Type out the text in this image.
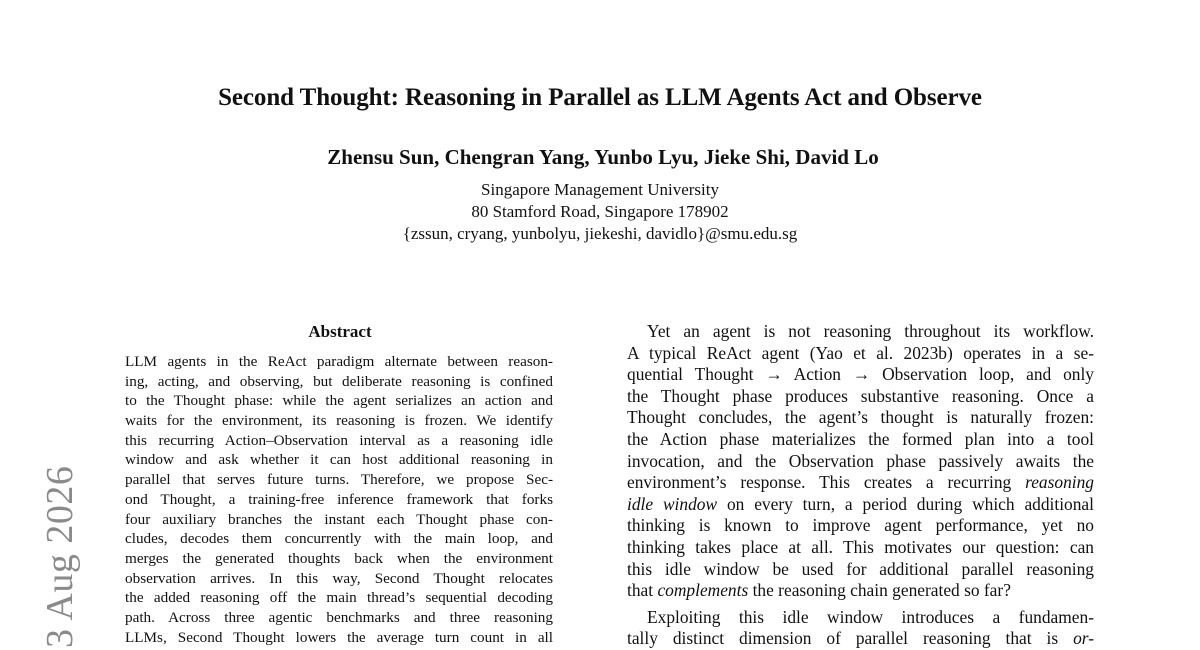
Second Thought: Reasoning in Parallel as LLM Agents Act and Observe
Zhensu Sun, Chengran Yang, Yunbo Lyu, Jieke Shi, David Lo
Singapore Management University
80 Stamford Road, Singapore 178902
{zssun, cryang, yunbolyu, jiekeshi, davidlo}@smu.edu.sg
Abstract
LLM agents in the ReAct paradigm alternate between reason-
ing, acting, and observing, but deliberate reasoning is confined
to the Thought phase: while the agent serializes an action and
waits for the environment, its reasoning is frozen. We identify
this recurring Action–Observation interval as a reasoning idle
window and ask whether it can host additional reasoning in
parallel that serves future turns. Therefore, we propose Sec-
ond Thought, a training-free inference framework that forks
four auxiliary branches the instant each Thought phase con-
cludes, decodes them concurrently with the main loop, and
merges the generated thoughts back when the environment
observation arrives. In this way, Second Thought relocates
the added reasoning off the main thread’s sequential decoding
path. Across three agentic benchmarks and three reasoning
LLMs, Second Thought lowers the average turn count in all
Yet an agent is not reasoning throughout its workflow.
A typical ReAct agent (Yao et al. 2023b) operates in a se-
quential Thought → Action → Observation loop, and only
the Thought phase produces substantive reasoning. Once a
Thought concludes, the agent’s thought is naturally frozen:
the Action phase materializes the formed plan into a tool
invocation, and the Observation phase passively awaits the
environment’s response. This creates a recurring reasoning
idle window on every turn, a period during which additional
thinking is known to improve agent performance, yet no
thinking takes place at all. This motivates our question: can
this idle window be used for additional parallel reasoning
that complements the reasoning chain generated so far?
Exploiting this idle window introduces a fundamen-
tally distinct dimension of parallel reasoning that is or-
3 Aug 2026
